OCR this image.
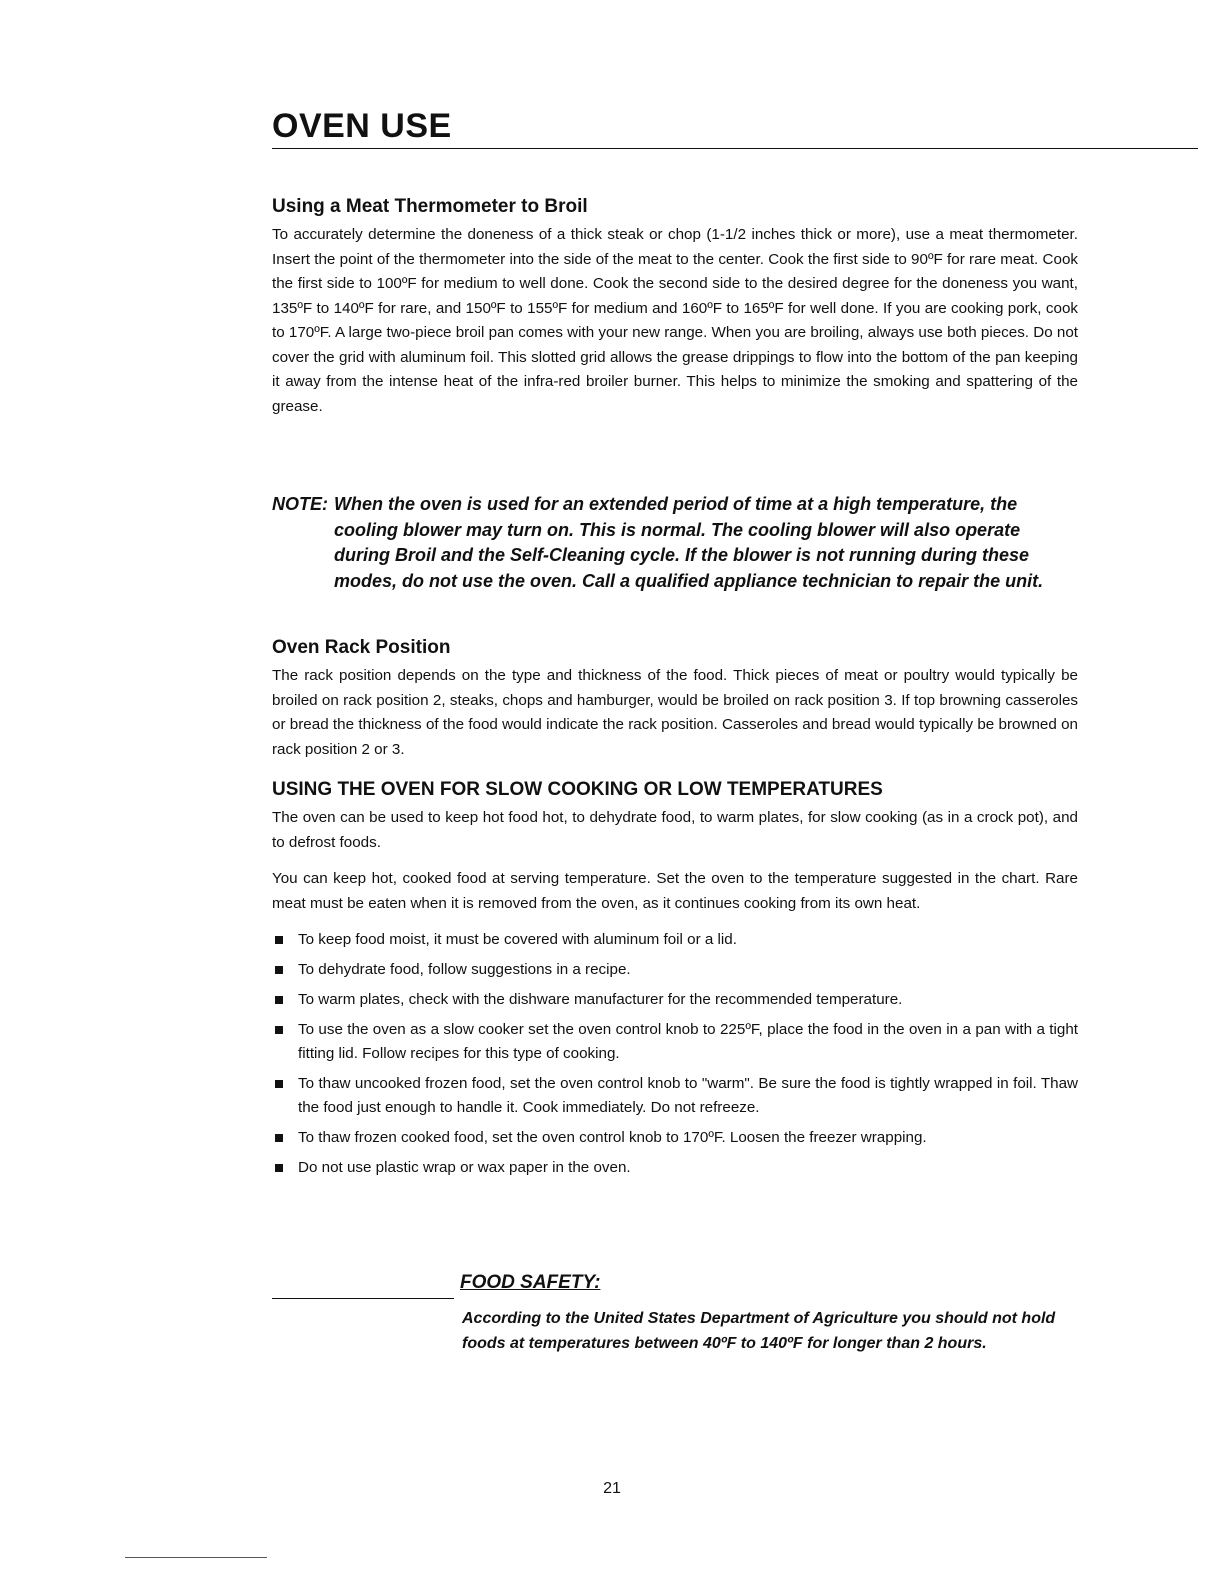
OVEN USE
Using a Meat Thermometer to Broil

To accurately determine the doneness of a thick steak or chop (1-1/2 inches thick or more), use a meat thermometer. Insert the point of the thermometer into the side of the meat to the center. Cook the first side to 90ºF for rare meat. Cook the first side to 100ºF for medium to well done. Cook the second side to the desired degree for the doneness you want, 135ºF to 140ºF for rare, and 150ºF to 155ºF for medium and 160ºF to 165ºF for well done. If you are cooking pork, cook to 170ºF. A large two-piece broil pan comes with your new range. When you are broiling, always use both pieces. Do not cover the grid with aluminum foil. This slotted grid allows the grease drippings to flow into the bottom of the pan keeping it away from the intense heat of the infra-red broiler burner. This helps to minimize the smoking and spattering of the grease.

NOTE: When the oven is used for an extended period of time at a high temperature, the cooling blower may turn on. This is normal. The cooling blower will also operate during Broil and the Self-Cleaning cycle. If the blower is not running during these modes, do not use the oven. Call a qualified appliance technician to repair the unit.
Oven Rack Position

The rack position depends on the type and thickness of the food. Thick pieces of meat or poultry would typically be broiled on rack position 2, steaks, chops and hamburger, would be broiled on rack position 3. If top browning casseroles or bread the thickness of the food would indicate the rack position. Casseroles and bread would typically be browned on rack position 2 or 3.

USING THE OVEN FOR SLOW COOKING OR LOW TEMPERATURES

The oven can be used to keep hot food hot, to dehydrate food, to warm plates, for slow cooking (as in a crock pot), and to defrost foods.

You can keep hot, cooked food at serving temperature. Set the oven to the temperature suggested in the chart. Rare meat must be eaten when it is removed from the oven, as it continues cooking from its own heat.

To keep food moist, it must be covered with aluminum foil or a lid.
To dehydrate food, follow suggestions in a recipe.
To warm plates, check with the dishware manufacturer for the recommended temperature.
To use the oven as a slow cooker set the oven control knob to 225ºF, place the food in the oven in a pan with a tight fitting lid. Follow recipes for this type of cooking.
To thaw uncooked frozen food, set the oven control knob to "warm". Be sure the food is tightly wrapped in foil. Thaw the food just enough to handle it. Cook immediately. Do not refreeze.
To thaw frozen cooked food, set the oven control knob to 170ºF. Loosen the freezer wrapping.
Do not use plastic wrap or wax paper in the oven.
FOOD SAFETY:
According to the United States Department of Agriculture you should not hold foods at temperatures between 40ºF to 140ºF for longer than 2 hours.
21
